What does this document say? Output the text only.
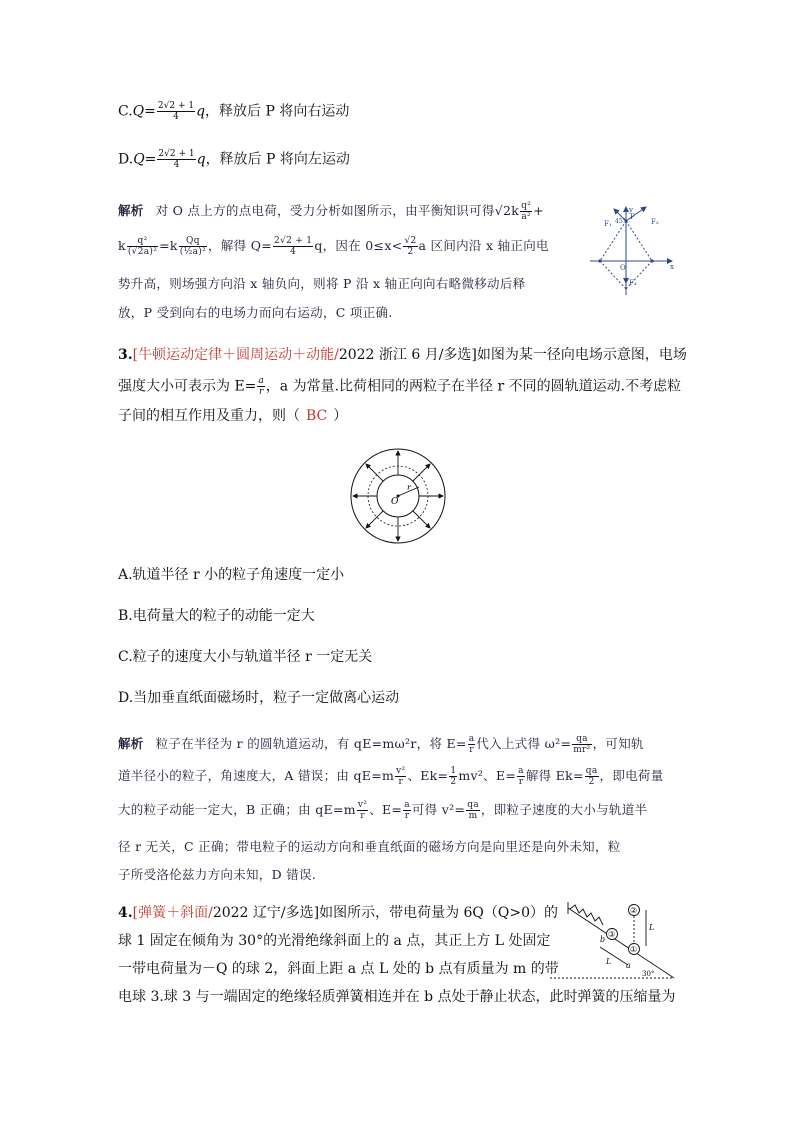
$C.Q= \frac{2√2 + 1}{4}$ q，释放后 P 将向右运动
$D.Q= \frac{2√2 + 1}{4}$ q，释放后 P 将向左运动
解析 对 O 点上方的点电荷，受力分析如图所示，由平衡知识可得$√2k \frac{\text{q²}}{\text{a²}}$ +
k $\frac{\text{q²}}{\text{(√2a)²}} =k \frac{Qq}{\text{(½a)²}}$ ，解得 $Q= \frac{2√2 + 1}{4}$ q，因在 $0\le x< \frac{√2}{2}$ a 区间内沿 x 轴正向电
势升高，则场强方向沿 x 轴负向，则将 P 沿 x 轴正向向右略微移动后释
放，P 受到向右的电场力而向右运动，C 项正确.
y
x
O
F₁
F
F₃
F₄
45°
3.[牛顿运动定律＋圆周运动＋动能/2022 浙江 6 月/多选]如图为某一径向电场示意图，电场
强度大小可表示为 $E= \frac{a}{r}$ ，a 为常量.比荷相同的两粒子在半径 r 不同的圆轨道运动.不考虑粒
子间的相互作用及重力，则（ BC ）
O
r
A.轨道半径 r 小的粒子角速度一定小
B.电荷量大的粒子的动能一定大
C.粒子的速度大小与轨道半径 r 一定无关
D.当加垂直纸面磁场时，粒子一定做离心运动
解析 粒子在半径为 r 的圆轨道运动，有 qE=mω²r，将 $E= \frac{a}{r}$ 代入上式得 $\omega^2= \frac{qa}{\text{mr²}}$ ，可知轨
道半径小的粒子，角速度大，A 错误；由 $qE=m \frac{\text{v²}}{r}$ 、$Ek= \frac{1}{2} mv^2$、$E= \frac{a}{r}$ 解得 $Ek= \frac{qa}{2}$ ，即电荷量
大的粒子动能一定大，B 正确；由 $qE=m \frac{\text{v²}}{r}$ 、$E= \frac{a}{r}$ 可得 $v^2= \frac{qa}{m}$ ，即粒子速度的大小与轨道半
径 r 无关，C 正确；带电粒子的运动方向和垂直纸面的磁场方向是向里还是向外未知，粒
子所受洛伦兹力方向未知，D 错误.
4.[弹簧＋斜面/2022 辽宁/多选]如图所示，带电荷量为 6Q（Q>0）的
球 1 固定在倾角为 30°的光滑绝缘斜面上的 a 点，其正上方 L 处固定
一带电荷量为－Q 的球 2，斜面上距 a 点 L 处的 b 点有质量为 m 的带
电球 3.球 3 与一端固定的绝缘轻质弹簧相连并在 b 点处于静止状态，此时弹簧的压缩量为
②
①
③
L
L a
b
30°
